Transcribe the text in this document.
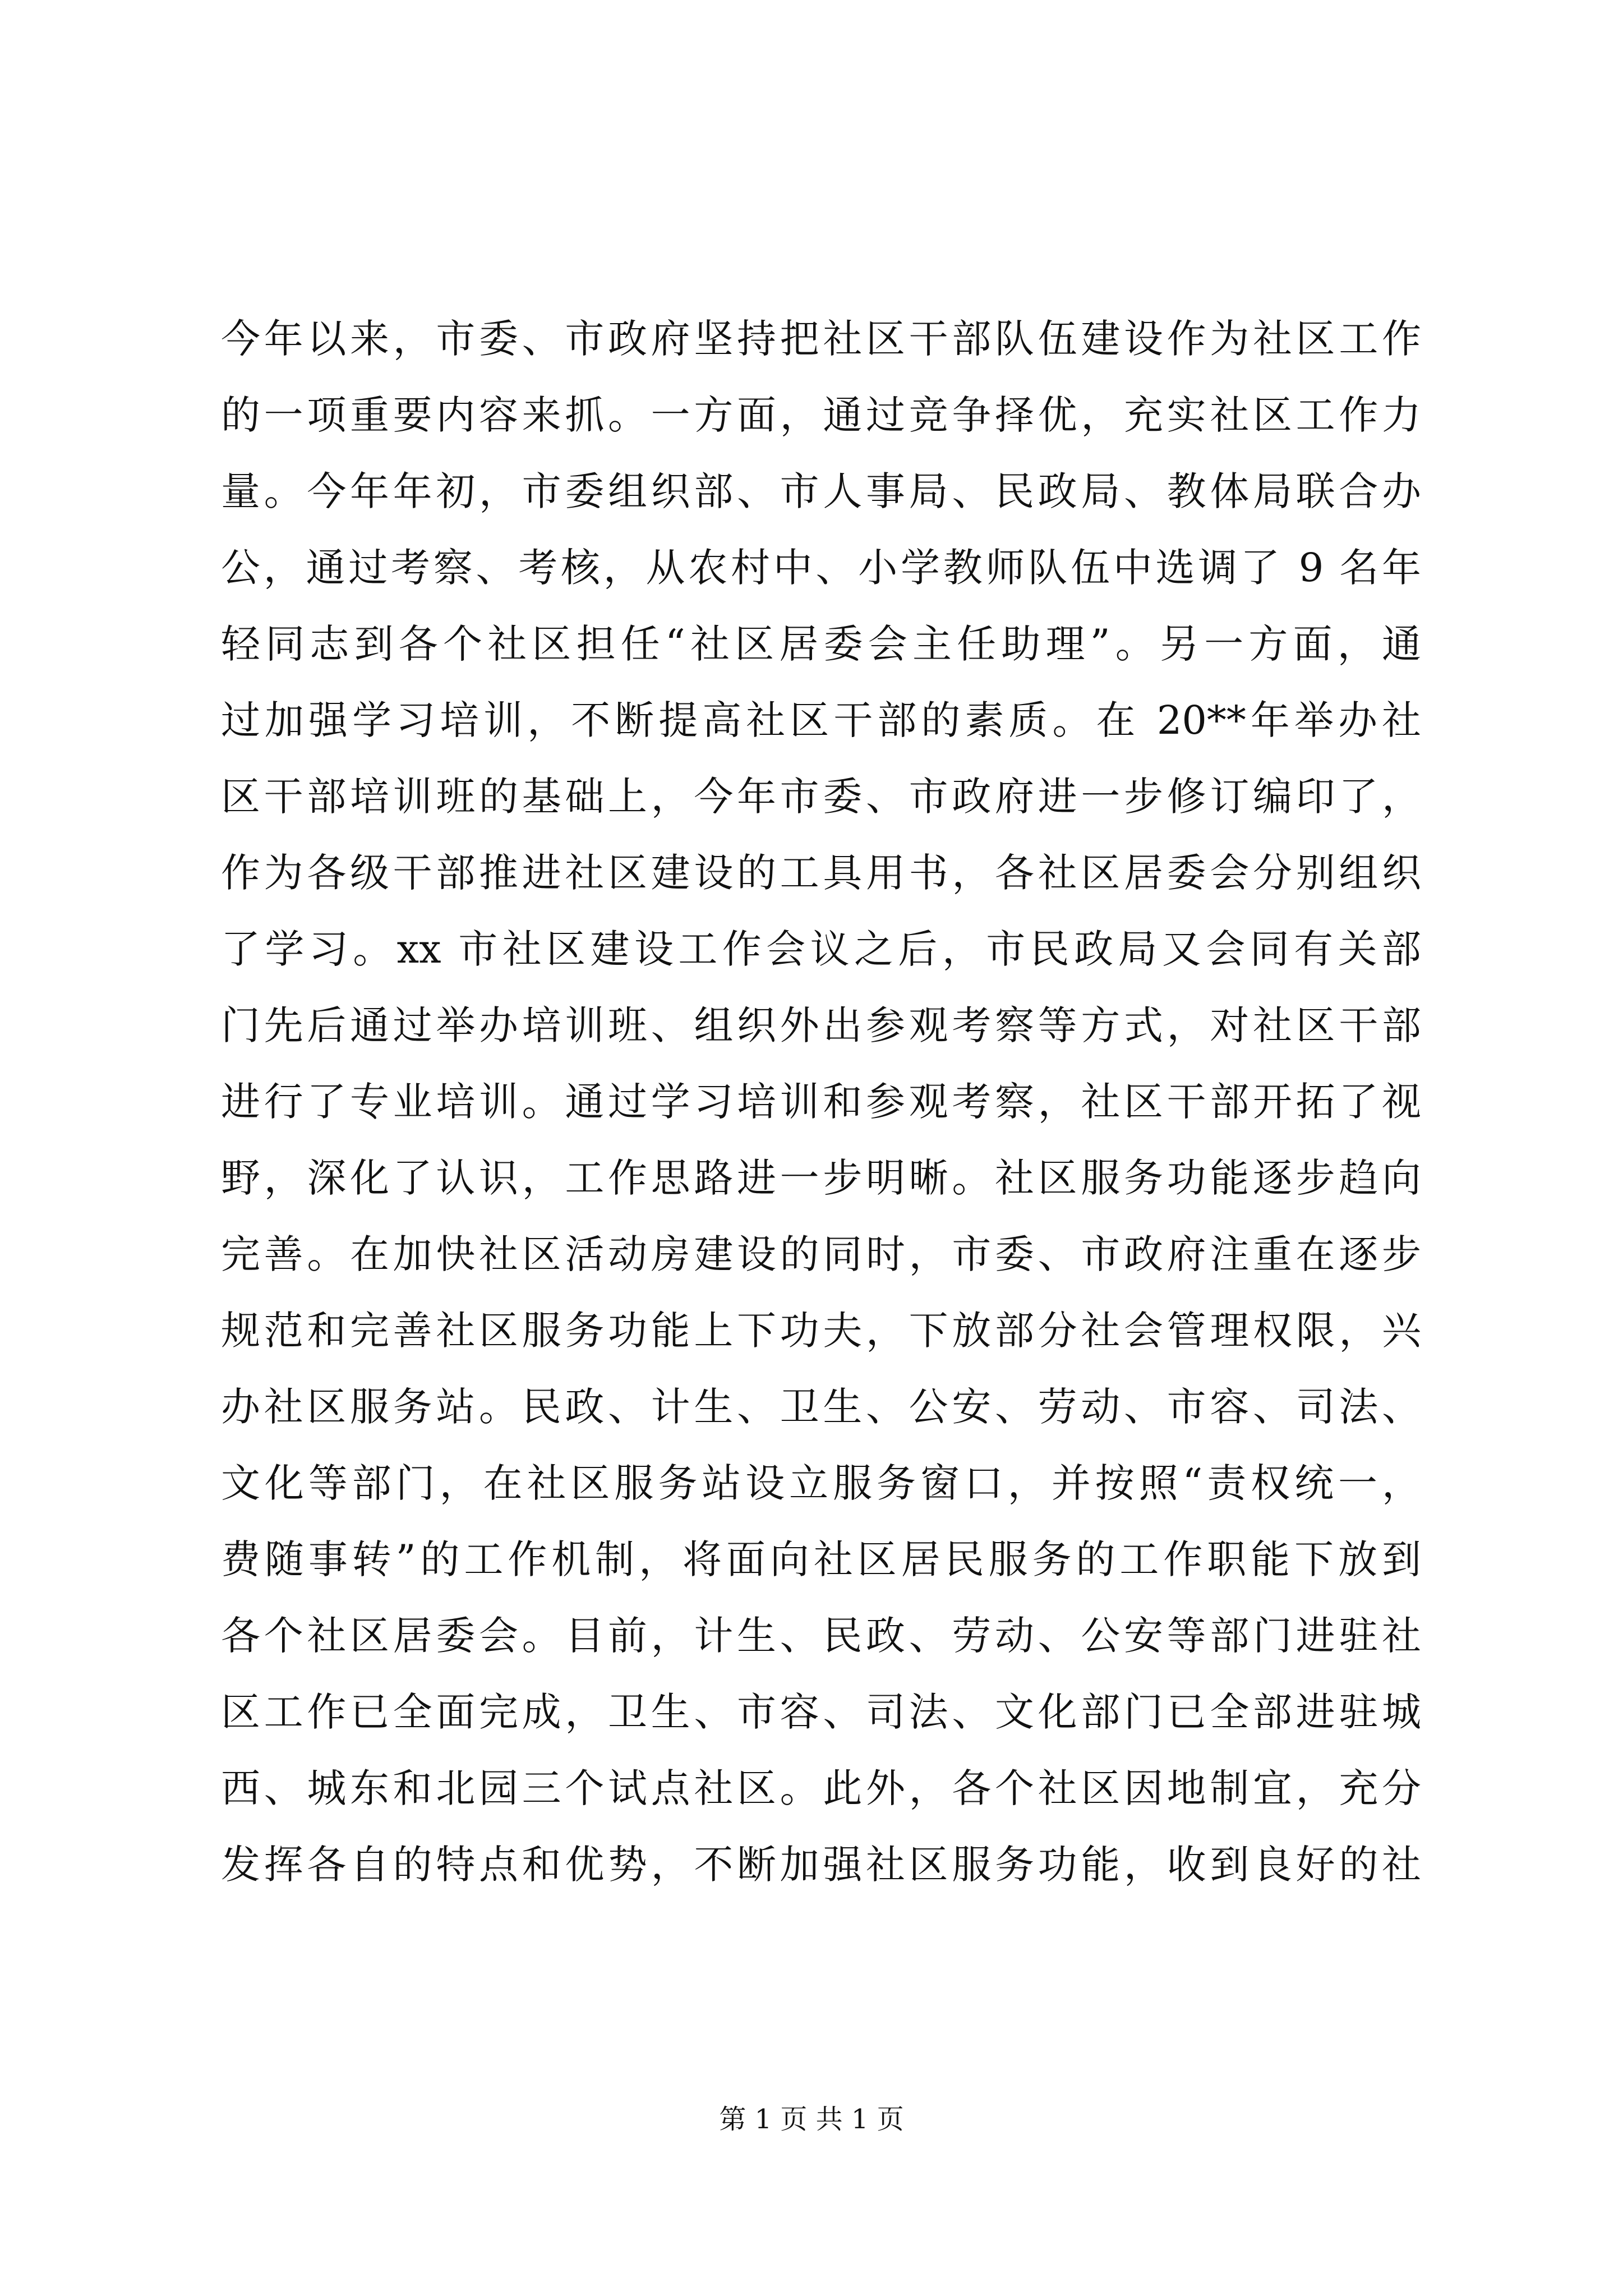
今年以来，市委、市政府坚持把社区干部队伍建设作为社区工作
的一项重要内容来抓。一方面，通过竞争择优，充实社区工作力
量。今年年初，市委组织部、市人事局、民政局、教体局联合办
公，通过考察、考核，从农村中、小学教师队伍中选调了 9 名年
轻同志到各个社区担任“社区居委会主任助理”。另一方面，通
过加强学习培训，不断提高社区干部的素质。在 20**年举办社
区干部培训班的基础上，今年市委、市政府进一步修订编印了，
作为各级干部推进社区建设的工具用书，各社区居委会分别组织
了学习。xx 市社区建设工作会议之后，市民政局又会同有关部
门先后通过举办培训班、组织外出参观考察等方式，对社区干部
进行了专业培训。通过学习培训和参观考察，社区干部开拓了视
野，深化了认识，工作思路进一步明晰。社区服务功能逐步趋向
完善。在加快社区活动房建设的同时，市委、市政府注重在逐步
规范和完善社区服务功能上下功夫，下放部分社会管理权限，兴
办社区服务站。民政、计生、卫生、公安、劳动、市容、司法、
文化等部门，在社区服务站设立服务窗口，并按照“责权统一，
费随事转”的工作机制，将面向社区居民服务的工作职能下放到
各个社区居委会。目前，计生、民政、劳动、公安等部门进驻社
区工作已全面完成，卫生、市容、司法、文化部门已全部进驻城
西、城东和北园三个试点社区。此外，各个社区因地制宜，充分
发挥各自的特点和优势，不断加强社区服务功能，收到良好的社
第 1 页 共 1 页
